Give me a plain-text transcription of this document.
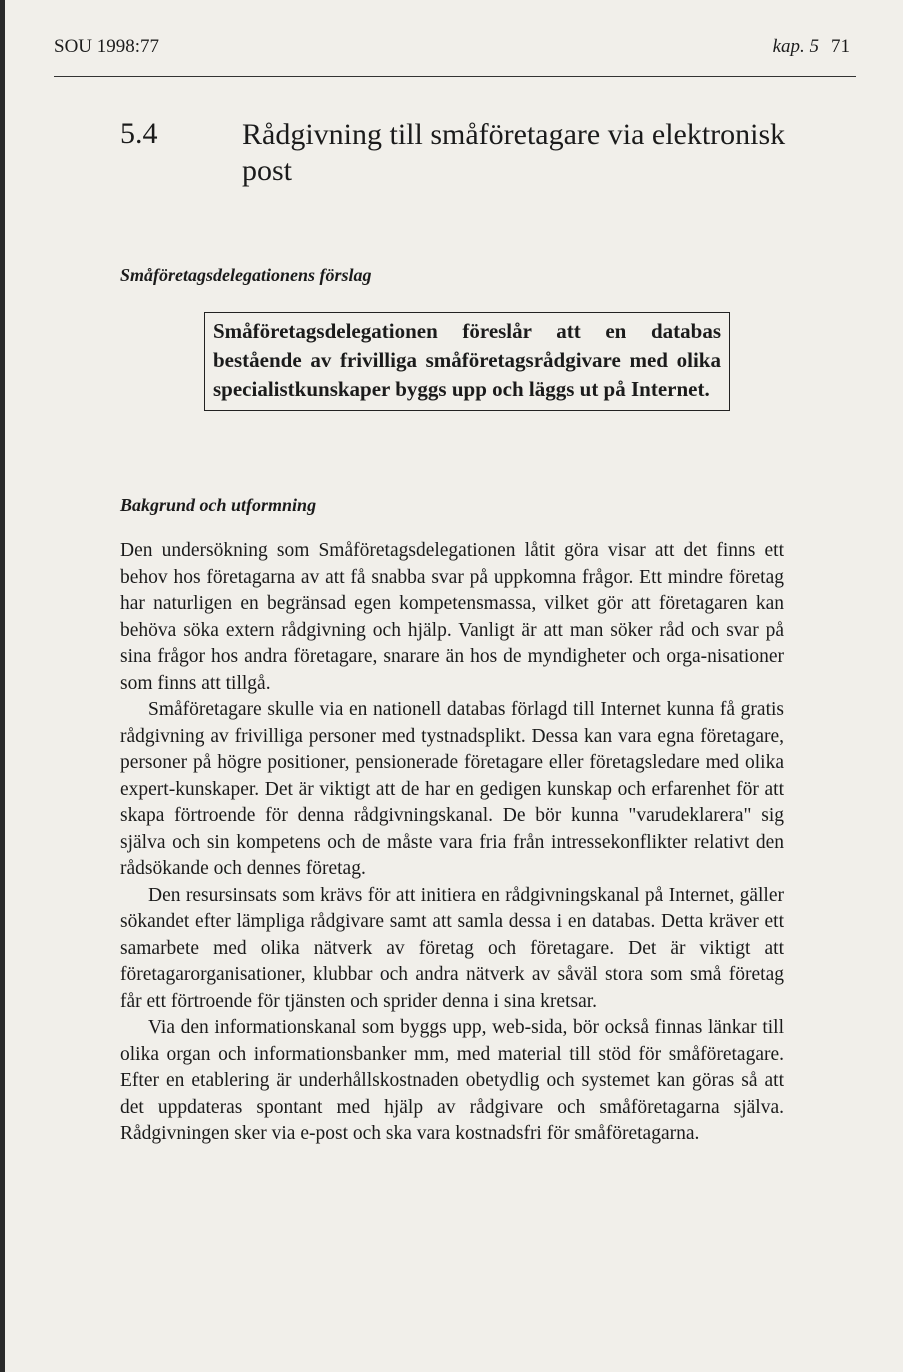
SOU 1998:77	kap. 5 71
5.4	Rådgivning till småföretagare via elektronisk post
Småföretagsdelegationens förslag
Småföretagsdelegationen föreslår att en databas bestående av frivilliga småföretagsrådgivare med olika specialistkunskaper byggs upp och läggs ut på Internet.
Bakgrund och utformning

Den undersökning som Småföretagsdelegationen låtit göra visar att det finns ett behov hos företagarna av att få snabba svar på uppkomna frågor. Ett mindre företag har naturligen en begränsad egen kompetensmassa, vilket gör att företagaren kan behöva söka extern rådgivning och hjälp. Vanligt är att man söker råd och svar på sina frågor hos andra företagare, snarare än hos de myndigheter och orga-nisationer som finns att tillgå.

Småföretagare skulle via en nationell databas förlagd till Internet kunna få gratis rådgivning av frivilliga personer med tystnadsplikt. Dessa kan vara egna företagare, personer på högre positioner, pensionerade företagare eller företagsledare med olika expert-kunskaper. Det är viktigt att de har en gedigen kunskap och erfarenhet för att skapa förtroende för denna rådgivningskanal. De bör kunna "varudeklarera" sig själva och sin kompetens och de måste vara fria från intressekonflikter relativt den rådsökande och dennes företag.

Den resursinsats som krävs för att initiera en rådgivningskanal på Internet, gäller sökandet efter lämpliga rådgivare samt att samla dessa i en databas. Detta kräver ett samarbete med olika nätverk av företag och företagare. Det är viktigt att företagarorganisationer, klubbar och andra nätverk av såväl stora som små företag får ett förtroende för tjänsten och sprider denna i sina kretsar.

Via den informationskanal som byggs upp, web-sida, bör också finnas länkar till olika organ och informationsbanker mm, med material till stöd för småföretagare. Efter en etablering är underhållskostnaden obetydlig och systemet kan göras så att det uppdateras spontant med hjälp av rådgivare och småföretagarna själva. Rådgivningen sker via e-post och ska vara kostnadsfri för småföretagarna.
